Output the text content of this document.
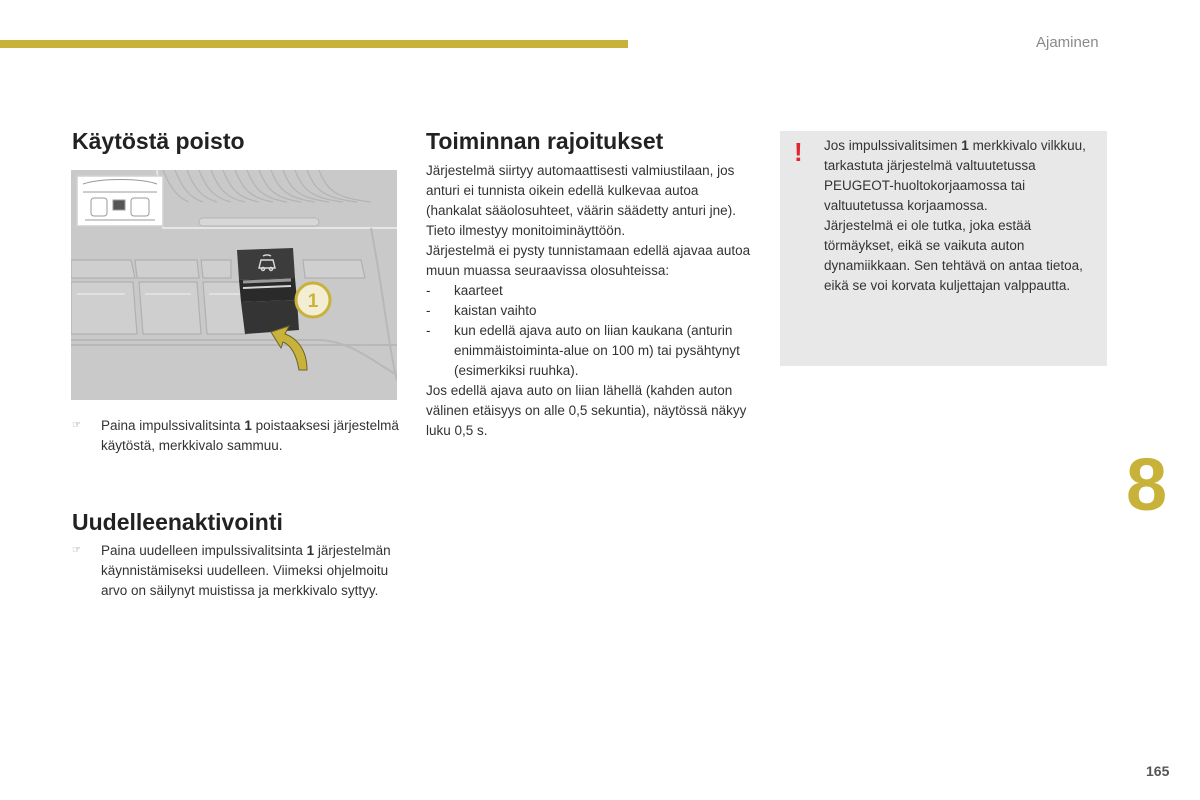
Ajaminen
Käytöstä poisto
1
☞	Paina impulssivalitsinta 1 poistaaksesi järjestelmä käytöstä, merkkivalo sammuu.
Uudelleenaktivointi
☞	Paina uudelleen impulssivalitsinta 1 järjestelmän käynnistämiseksi uudelleen. Viimeksi ohjelmoitu arvo on säilynyt muistissa ja merkkivalo syttyy.
Toiminnan rajoitukset

Järjestelmä siirtyy automaattisesti valmiustilaan, jos anturi ei tunnista oikein edellä kulkevaa autoa (hankalat sääolosuhteet, väärin säädetty anturi jne). Tieto ilmestyy monitoiminäyttöön.

Järjestelmä ei pysty tunnistamaan edellä ajavaa autoa muun muassa seuraavissa olosuhteissa:

- kaarteet
- kaistan vaihto
- kun edellä ajava auto on liian kaukana (anturin enimmäistoiminta-alue on 100 m) tai pysähtynyt (esimerkiksi ruuhka).

Jos edellä ajava auto on liian lähellä (kahden auton välinen etäisyys on alle 0,5 sekuntia), näytössä näkyy luku 0,5 s.

! Jos impulssivalitsimen 1 merkkivalo vilkkuu, tarkastuta järjestelmä valtuutetussa PEUGEOT-huoltokorjaamossa tai valtuutetussa korjaamossa.

Järjestelmä ei ole tutka, joka estää törmäykset, eikä se vaikuta auton dynamiikkaan. Sen tehtävä on antaa tietoa, eikä se voi korvata kuljettajan valppautta.

8
165
